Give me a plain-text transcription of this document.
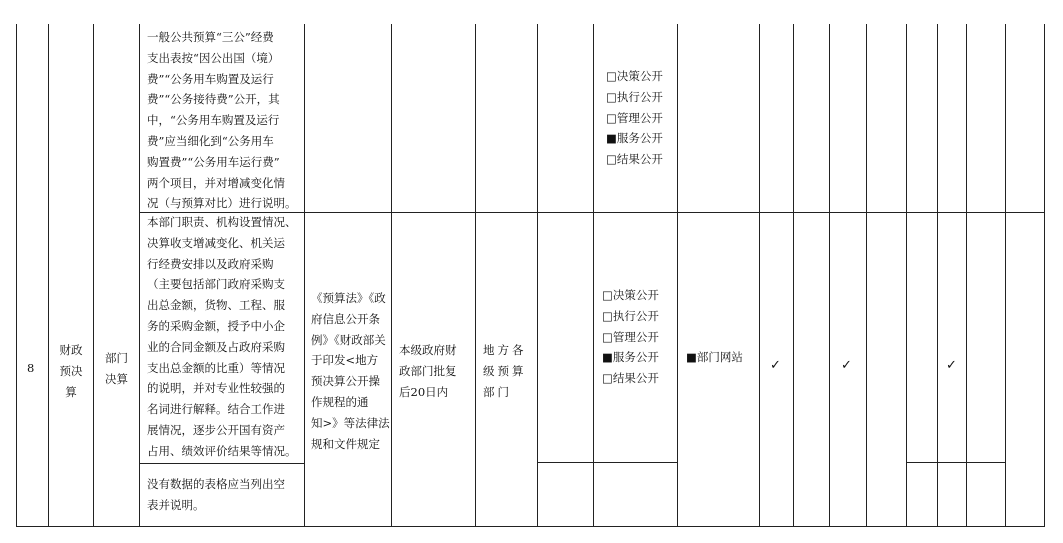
一般公共预算“三公”经费
支出表按“因公出国（境）
费”“公务用车购置及运行
费”“公务接待费”公开，其
中，“公务用车购置及运行
费”应当细化到“公务用车
购置费”“公务用车运行费”
两个项目，并对增减变化情
况（与预算对比）进行说明。
□决策公开
□执行公开
□管理公开
■服务公开
□结果公开
8
财政
预决
算
部门
决算
本部门职责、机构设置情况、
决算收支增减变化、机关运
行经费安排以及政府采购
（主要包括部门政府采购支
出总金额，货物、工程、服
务的采购金额，授予中小企
业的合同金额及占政府采购
支出总金额的比重）等情况
的说明，并对专业性较强的
名词进行解释。结合工作进
展情况，逐步公开国有资产
占用、绩效评价结果等情况。
没有数据的表格应当列出空
表并说明。
《预算法》《政
府信息公开条
例》《财政部关
于印发<地方
预决算公开操
作规程的通
知>》等法律法
规和文件规定
本级政府财
政部门批复
后20日内
地方各
级预算
部门
□决策公开
□执行公开
□管理公开
■服务公开
□结果公开
■部门网站
✓	✓	✓
